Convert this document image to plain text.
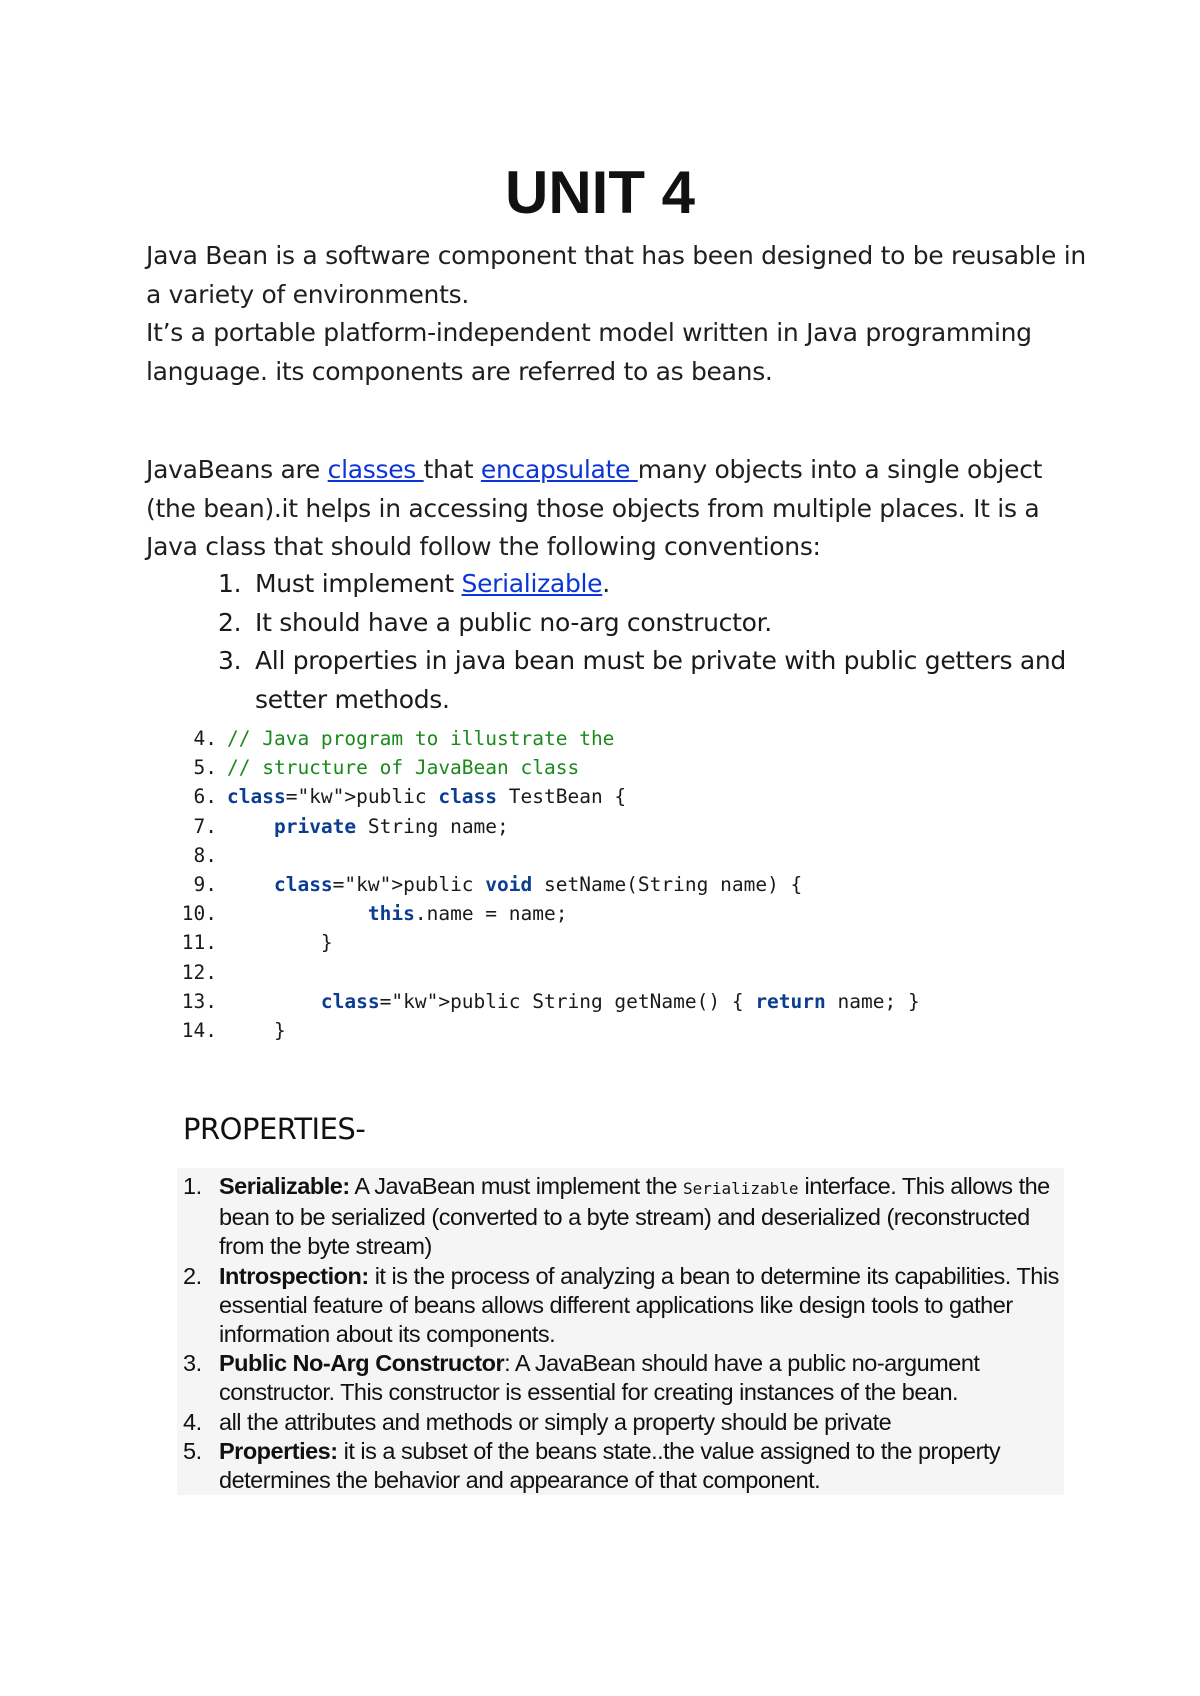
UNIT 4

Java Bean is a software component that has been designed to be reusable in a variety of environments.

It’s a portable platform-independent model written in Java programming language. its components are referred to as beans.

JavaBeans are classes that encapsulate many objects into a single object (the bean).it helps in accessing those objects from multiple places. It is a Java class that should follow the following conventions:

1. Must implement Serializable.
2. It should have a public no-arg constructor.
3. All properties in java bean must be private with public getters and setter methods.
4. // Java program to illustrate the
5. // structure of JavaBean class
6. class="kw">public class TestBean {
7.	private String name;
8.
9.	class="kw">public void setName(String name) {
10.	this.name = name;
11. }
12.
13.	class="kw">public String getName() { return name; }
14. }
PROPERTIES-
1. Serializable: A JavaBean must implement the Serializable interface. This allows the bean to be serialized (converted to a byte stream) and deserialized (reconstructed from the byte stream)
2. Introspection: it is the process of analyzing a bean to determine its capabilities. This essential feature of beans allows different applications like design tools to gather information about its components.
3. Public No-Arg Constructor: A JavaBean should have a public no-argument constructor. This constructor is essential for creating instances of the bean.
4. all the attributes and methods or simply a property should be private
5. Properties: it is a subset of the beans state..the value assigned to the property determines the behavior and appearance of that component.
